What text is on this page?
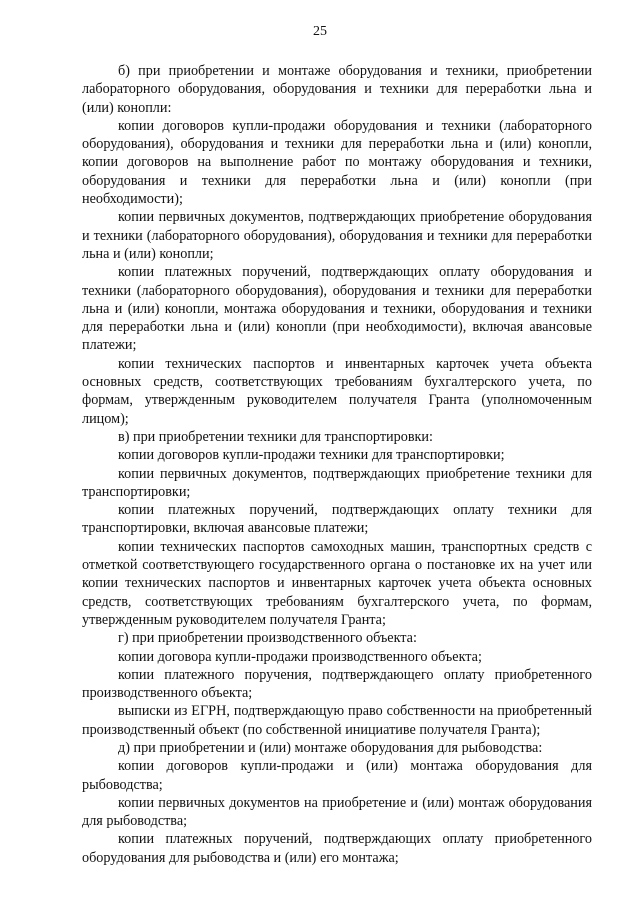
25

б) при приобретении и монтаже оборудования и техники, приобретении лабораторного оборудования, оборудования и техники для переработки льна и (или) конопли:

копии договоров купли-продажи оборудования и техники (лабораторного оборудования), оборудования и техники для переработки льна и (или) конопли, копии договоров на выполнение работ по монтажу оборудования и техники, оборудования и техники для переработки льна и (или) конопли (при необходимости);

копии первичных документов, подтверждающих приобретение оборудования и техники (лабораторного оборудования), оборудования и техники для переработки льна и (или) конопли;

копии платежных поручений, подтверждающих оплату оборудования и техники (лабораторного оборудования), оборудования и техники для переработки льна и (или) конопли, монтажа оборудования и техники, оборудования и техники для переработки льна и (или) конопли (при необходимости), включая авансовые платежи;

копии технических паспортов и инвентарных карточек учета объекта основных средств, соответствующих требованиям бухгалтерского учета, по формам, утвержденным руководителем получателя Гранта (уполномоченным лицом);

в) при приобретении техники для транспортировки:

копии договоров купли-продажи техники для транспортировки;

копии первичных документов, подтверждающих приобретение техники для транспортировки;

копии платежных поручений, подтверждающих оплату техники для транспортировки, включая авансовые платежи;

копии технических паспортов самоходных машин, транспортных средств с отметкой соответствующего государственного органа о постановке их на учет или копии технических паспортов и инвентарных карточек учета объекта основных средств, соответствующих требованиям бухгалтерского учета, по формам, утвержденным руководителем получателя Гранта;

г) при приобретении производственного объекта:

копии договора купли-продажи производственного объекта;

копии платежного поручения, подтверждающего оплату приобретенного производственного объекта;

выписки из ЕГРН, подтверждающую право собственности на приобретенный производственный объект (по собственной инициативе получателя Гранта);

д) при приобретении и (или) монтаже оборудования для рыбоводства:

копии договоров купли-продажи и (или) монтажа оборудования для рыбоводства;

копии первичных документов на приобретение и (или) монтаж оборудования для рыбоводства;

копии платежных поручений, подтверждающих оплату приобретенного оборудования для рыбоводства и (или) его монтажа;
